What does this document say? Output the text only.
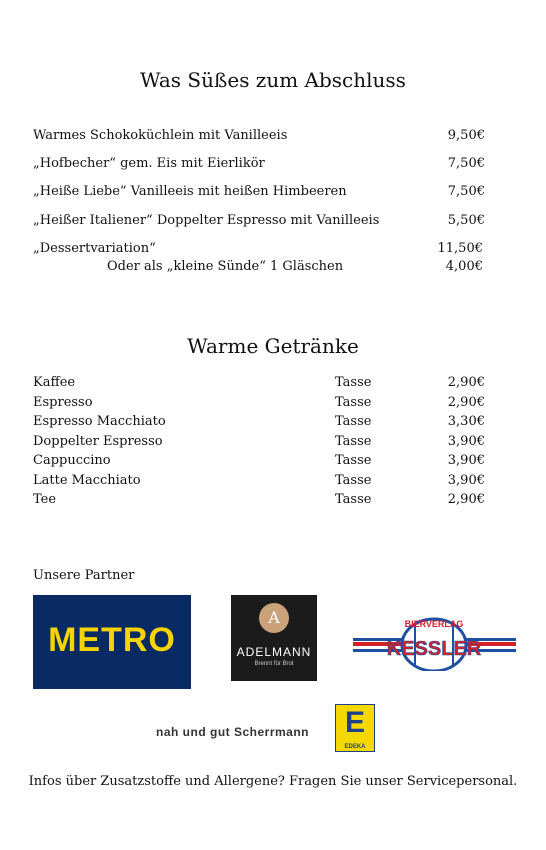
Was Süßes zum Abschluss
Warmes Schokoküchlein mit Vanilleeis	9,50€
„Hofbecher“ gem. Eis mit Eierlikör	7,50€
„Heiße Liebe“ Vanilleeis mit heißen Himbeeren	7,50€
„Heißer Italiener“ Doppelter Espresso mit Vanilleeis	5,50€
„Dessertvariation“	11,50€
Oder als „kleine Sünde“ 1 Gläschen	4,00€
Warme Getränke
Kaffee	Tasse	2,90€
Espresso	Tasse	2,90€
Espresso Macchiato	Tasse	3,30€
Doppelter Espresso	Tasse	3,90€
Cappuccino	Tasse	3,90€
Latte Macchiato	Tasse	3,90€
Tee	Tasse	2,90€
Unsere Partner
METRO
A
ADELMANN
Brennt für Brot
BIERVERLAG
KESSLER
nah und gut Scherrmann E
EDEKA
Infos über Zusatzstoffe und Allergene? Fragen Sie unser Servicepersonal.
